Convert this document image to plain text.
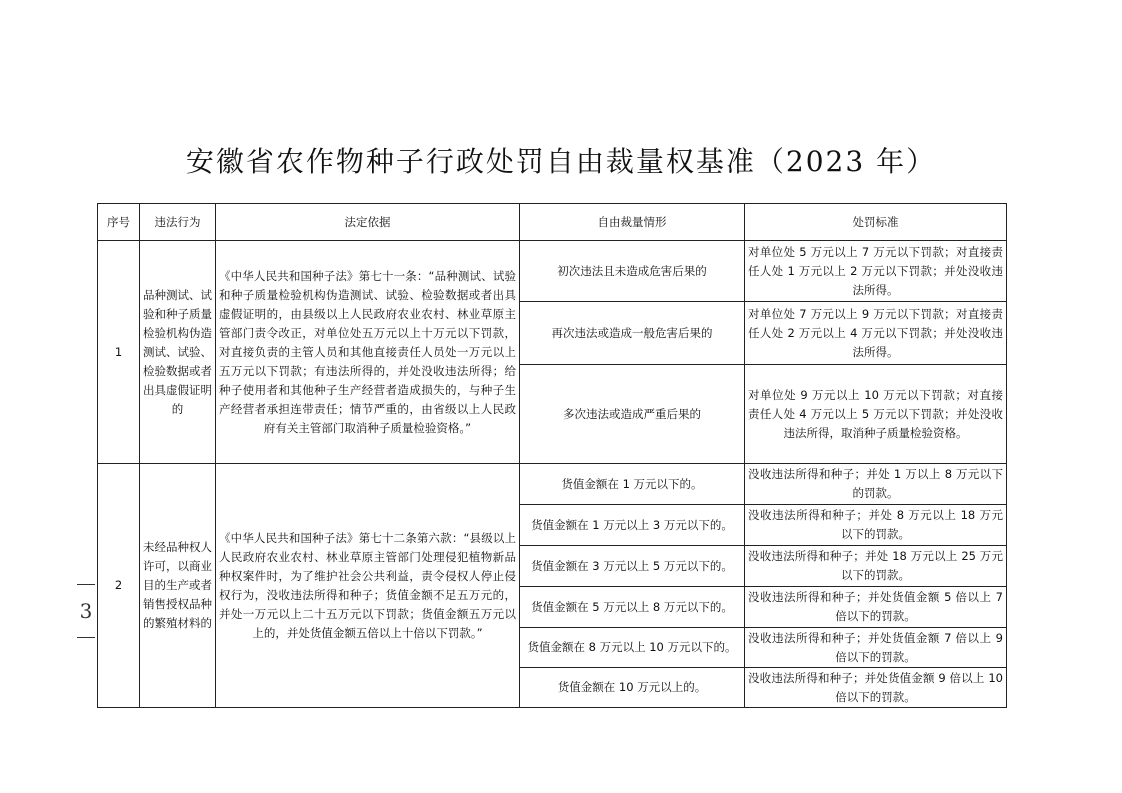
安徽省农作物种子行政处罚自由裁量权基准（2023 年）
3
序号	违法行为	法定依据	自由裁量情形	处罚标准
1	品种测试、试验和种子质量检验机构伪造测试、试验、检验数据或者出具虚假证明的	《中华人民共和国种子法》第七十一条：“品种测试、试验和种子质量检验机构伪造测试、试验、检验数据或者出具虚假证明的，由县级以上人民政府农业农村、林业草原主管部门责令改正，对单位处五万元以上十万元以下罚款，对直接负责的主管人员和其他直接责任人员处一万元以上五万元以下罚款；有违法所得的，并处没收违法所得；给种子使用者和其他种子生产经营者造成损失的，与种子生产经营者承担连带责任；情节严重的，由省级以上人民政府有关主管部门取消种子质量检验资格。”	初次违法且未造成危害后果的	对单位处 5 万元以上 7 万元以下罚款；对直接责任人处 1 万元以上 2 万元以下罚款；并处没收违法所得。
			再次违法或造成一般危害后果的	对单位处 7 万元以上 9 万元以下罚款；对直接责任人处 2 万元以上 4 万元以下罚款；并处没收违法所得。
			多次违法或造成严重后果的	对单位处 9 万元以上 10 万元以下罚款；对直接责任人处 4 万元以上 5 万元以下罚款；并处没收违法所得，取消种子质量检验资格。
2	未经品种权人许可，以商业目的生产或者销售授权品种的繁殖材料的	《中华人民共和国种子法》第七十二条第六款：“县级以上人民政府农业农村、林业草原主管部门处理侵犯植物新品种权案件时，为了维护社会公共利益，责令侵权人停止侵权行为，没收违法所得和种子；货值金额不足五万元的，并处一万元以上二十五万元以下罚款；货值金额五万元以上的，并处货值金额五倍以上十倍以下罚款。”	货值金额在 1 万元以下的。	没收违法所得和种子；并处 1 万以上 8 万元以下的罚款。
			货值金额在 1 万元以上 3 万元以下的。	没收违法所得和种子；并处 8 万元以上 18 万元以下的罚款。
			货值金额在 3 万元以上 5 万元以下的。	没收违法所得和种子；并处 18 万元以上 25 万元以下的罚款。
			货值金额在 5 万元以上 8 万元以下的。	没收违法所得和种子；并处货值金额 5 倍以上 7 倍以下的罚款。
			货值金额在 8 万元以上 10 万元以下的。	没收违法所得和种子；并处货值金额 7 倍以上 9 倍以下的罚款。
			货值金额在 10 万元以上的。	没收违法所得和种子；并处货值金额 9 倍以上 10 倍以下的罚款。
